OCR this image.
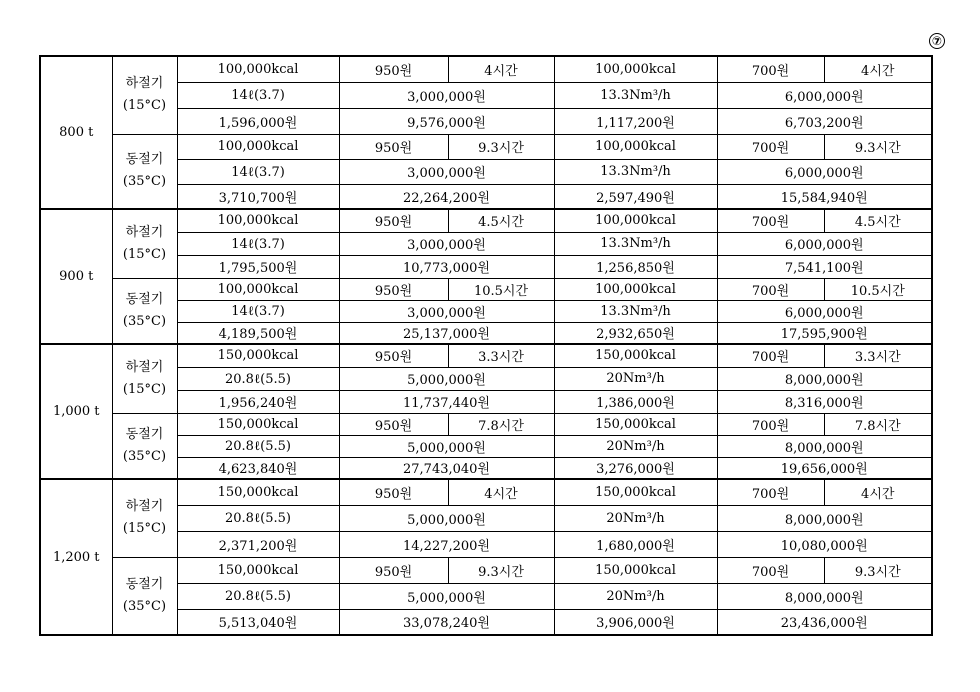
⑦
800 t	하절기
(15°C)	100,000kcal	950원	4시간	100,000kcal	700원	4시간
		14ℓ(3.7)	3,000,000원		13.3Nm³/h	6,000,000원	
		1,596,000원	9,576,000원		1,117,200원	6,703,200원	

	동절기
(35°C)	100,000kcal	950원	9.3시간	100,000kcal	700원	9.3시간
		14ℓ(3.7)	3,000,000원		13.3Nm³/h	6,000,000원	
		3,710,700원	22,264,200원		2,597,490원	15,584,940원	
900 t	하절기
(15°C)	100,000kcal	950원	4.5시간	100,000kcal	700원	4.5시간
		14ℓ(3.7)	3,000,000원		13.3Nm³/h	6,000,000원	
		1,795,500원	10,773,000원		1,256,850원	7,541,100원	

	동절기
(35°C)	100,000kcal	950원	10.5시간	100,000kcal	700원	10.5시간
		14ℓ(3.7)	3,000,000원		13.3Nm³/h	6,000,000원	
		4,189,500원	25,137,000원		2,932,650원	17,595,900원	
1,000 t	하절기
(15°C)	150,000kcal	950원	3.3시간	150,000kcal	700원	3.3시간
		20.8ℓ(5.5)	5,000,000원		20Nm³/h	8,000,000원	
		1,956,240원	11,737,440원		1,386,000원	8,316,000원	

	동절기
(35°C)	150,000kcal	950원	7.8시간	150,000kcal	700원	7.8시간
		20.8ℓ(5.5)	5,000,000원		20Nm³/h	8,000,000원	
		4,623,840원	27,743,040원		3,276,000원	19,656,000원	
1,200 t	하절기
(15°C)	150,000kcal	950원	4시간	150,000kcal	700원	4시간
		20.8ℓ(5.5)	5,000,000원		20Nm³/h	8,000,000원	
		2,371,200원	14,227,200원		1,680,000원	10,080,000원	

	동절기
(35°C)	150,000kcal	950원	9.3시간	150,000kcal	700원	9.3시간
		20.8ℓ(5.5)	5,000,000원		20Nm³/h	8,000,000원	
		5,513,040원	33,078,240원		3,906,000원	23,436,000원	
